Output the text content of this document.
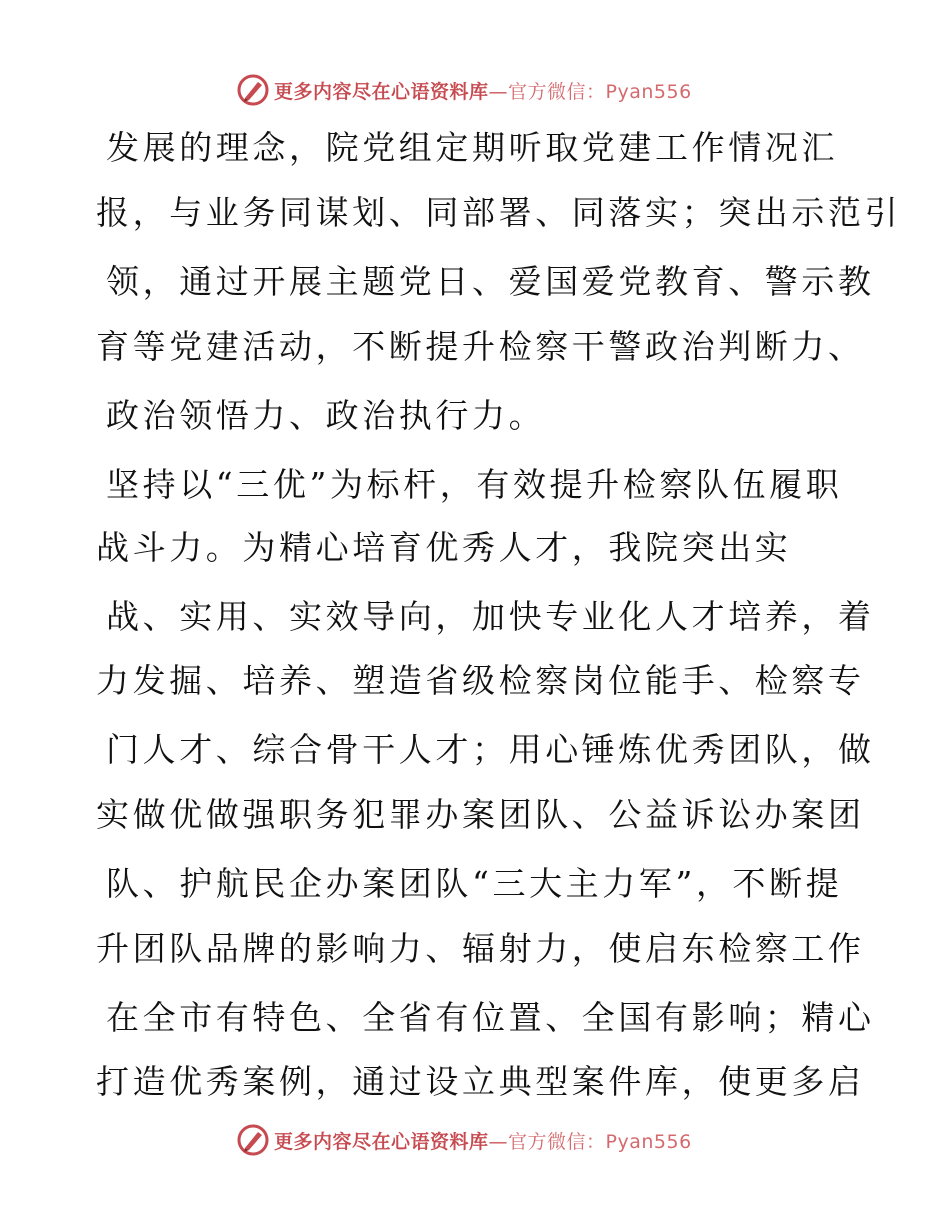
更多内容尽在心语资料库—官方微信：Pyan556
发展的理念，院党组定期听取党建工作情况汇
报，与业务同谋划、同部署、同落实；突出示范引
领，通过开展主题党日、爱国爱党教育、警示教
育等党建活动，不断提升检察干警政治判断力、
政治领悟力、政治执行力。
坚持以“三优”为标杆，有效提升检察队伍履职
战斗力。为精心培育优秀人才，我院突出实
战、实用、实效导向，加快专业化人才培养，着
力发掘、培养、塑造省级检察岗位能手、检察专
门人才、综合骨干人才；用心锤炼优秀团队，做
实做优做强职务犯罪办案团队、公益诉讼办案团
队、护航民企办案团队“三大主力军”，不断提
升团队品牌的影响力、辐射力，使启东检察工作
在全市有特色、全省有位置、全国有影响；精心
打造优秀案例，通过设立典型案件库，使更多启
更多内容尽在心语资料库—官方微信：Pyan556
